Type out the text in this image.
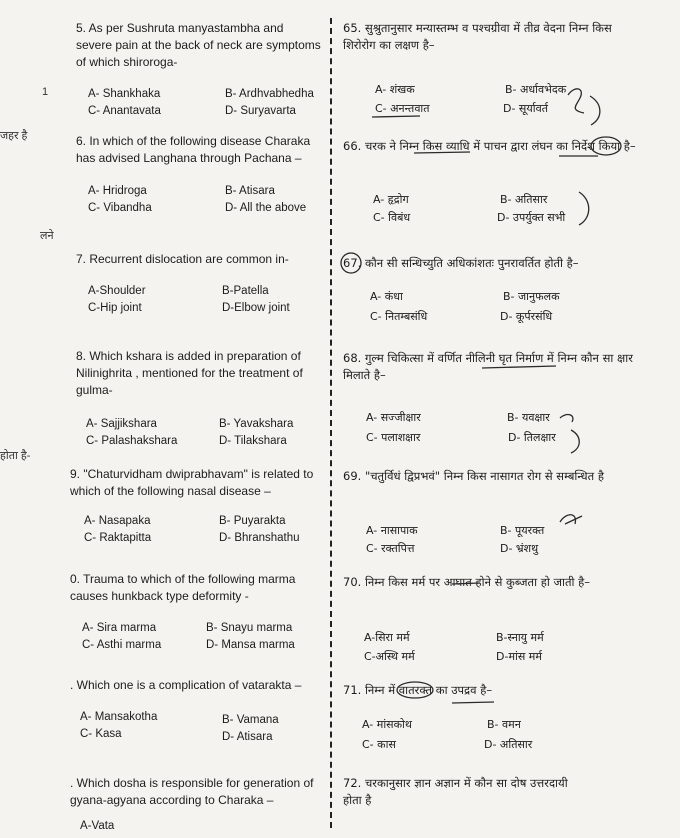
1
जहर है
लने
होता है-
5. As per Sushruta manyastambha and severe pain at the back of neck are symptoms of which shiroroga-
A- Shankhaka	B- Ardhvabhedha
C- Anantavata	D- Suryavarta
6. In which of the following disease Charaka has advised Langhana through Pachana –
A- Hridroga	B- Atisara
C- Vibandha	D- All the above
7. Recurrent dislocation are common in-
A-Shoulder	B-Patella
C-Hip joint	D-Elbow joint
8. Which kshara is added in preparation of Nilinighrita , mentioned for the treatment of gulma-
A- Sajjikshara	B- Yavakshara
C- Palashakshara	D- Tilakshara
9. "Chaturvidham dwiprabhavam" is related to which of the following nasal disease –
A- Nasapaka	B- Puyarakta
C- Raktapitta	D- Bhranshathu
0. Trauma to which of the following marma causes hunkback type deformity -
A- Sira marma	B- Snayu marma
C- Asthi marma	D- Mansa marma
. Which one is a complication of vataraktа –
A- Mansakotha	B- Vamana
C- Kasa	D- Atisara
. Which dosha is responsible for generation of gyana-agyana according to Charaka –
A-Vata
65. सुश्रुतानुसार मन्यास्तम्भ व पश्चग्रीवा में तीव्र वेदना निम्न किस शिरोरोग का लक्षण है–
A- शंखक	B- अर्धावभेदक
C- अनन्तवात	D- सूर्यावर्त
66. चरक ने निम्न किस व्याधि में पाचन द्वारा लंघन का निर्देश किया है–
A- हृद्रोग	B- अतिसार
C- विबंध	D- उपर्युक्त सभी
67. कौन सी सन्धिच्युति अधिकांशतः पुनरावर्तित होती है–
A- कंधा	B- जानुफलक
C- नितम्बसंधि	D- कूर्परसंधि
68. गुल्म चिकित्सा में वर्णित नीलिनी घृत निर्माण में निम्न कौन सा क्षार मिलाते है–
A- सज्जीक्षार	B- यवक्षार
C- पलाशक्षार	D- तिलक्षार
69. "चतुर्विधं द्विप्रभवं" निम्न किस नासागत रोग से सम्बन्धित है
A- नासापाक	B- पूयरक्त
C- रक्तपित्त	D- भ्रंशथु
70. निम्न किस मर्म पर आघात होने से कुब्जता हो जाती है–
A-सिरा मर्म	B-स्नायु मर्म
C-अस्थि मर्म	D-मांस मर्म
71. निम्न में वातरक्त का उपद्रव है–
A- मांसकोथ	B- वमन
C- कास	D- अतिसार
72. चरकानुसार ज्ञान अज्ञान में कौन सा दोष उत्तरदायी होता है
